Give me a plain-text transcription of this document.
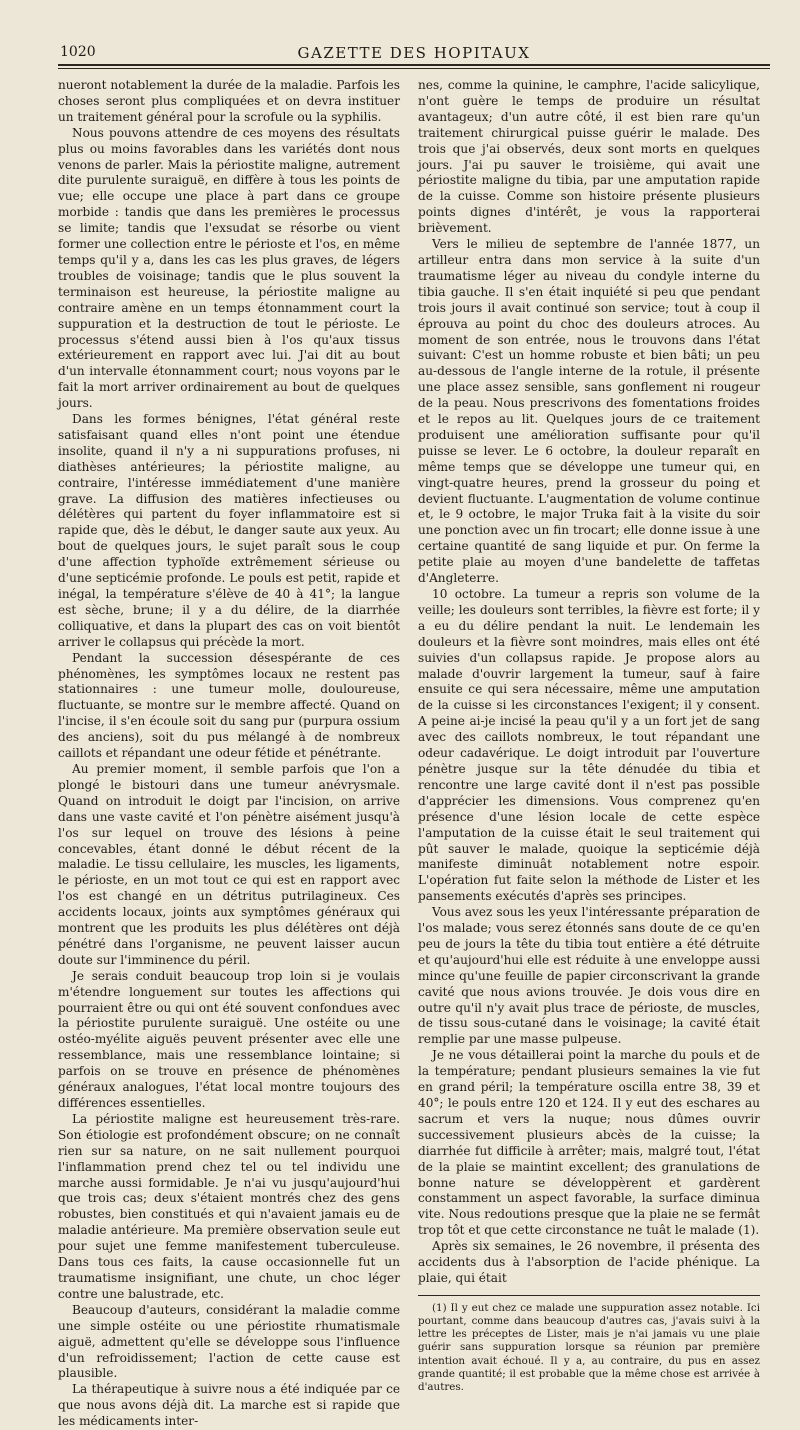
1020	GAZETTE DES HOPITAUX

nueront notablement la durée de la maladie. Parfois les choses seront plus compliquées et on devra instituer un traitement général pour la scrofule ou la syphilis.

Nous pouvons attendre de ces moyens des résultats plus ou moins favorables dans les variétés dont nous venons de parler. Mais la périostite maligne, autrement dite purulente suraiguë, en diffère à tous les points de vue; elle occupe une place à part dans ce groupe morbide : tandis que dans les premières le processus se limite; tandis que l'exsudat se résorbe ou vient former une collection entre le périoste et l'os, en même temps qu'il y a, dans les cas les plus graves, de légers troubles de voisinage; tandis que le plus souvent la terminaison est heureuse, la périostite maligne au contraire amène en un temps étonnamment court la suppuration et la destruction de tout le périoste. Le processus s'étend aussi bien à l'os qu'aux tissus extérieurement en rapport avec lui. J'ai dit au bout d'un intervalle étonnamment court; nous voyons par le fait la mort arriver ordinairement au bout de quelques jours.

Dans les formes bénignes, l'état général reste satisfaisant quand elles n'ont point une étendue insolite, quand il n'y a ni suppurations profuses, ni diathèses antérieures; la périostite maligne, au contraire, l'intéresse immédiatement d'une manière grave. La diffusion des matières infectieuses ou délétères qui partent du foyer inflammatoire est si rapide que, dès le début, le danger saute aux yeux. Au bout de quelques jours, le sujet paraît sous le coup d'une affection typhoïde extrêmement sérieuse ou d'une septicémie profonde. Le pouls est petit, rapide et inégal, la température s'élève de 40 à 41°; la langue est sèche, brune; il y a du délire, de la diarrhée colliquative, et dans la plupart des cas on voit bientôt arriver le collapsus qui précède la mort.

Pendant la succession désespérante de ces phénomènes, les symptômes locaux ne restent pas stationnaires : une tumeur molle, douloureuse, fluctuante, se montre sur le membre affecté. Quand on l'incise, il s'en écoule soit du sang pur (purpura ossium des anciens), soit du pus mélangé à de nombreux caillots et répandant une odeur fétide et pénétrante.

Au premier moment, il semble parfois que l'on a plongé le bistouri dans une tumeur anévrysmale. Quand on introduit le doigt par l'incision, on arrive dans une vaste cavité et l'on pénètre aisément jusqu'à l'os sur lequel on trouve des lésions à peine concevables, étant donné le début récent de la maladie. Le tissu cellulaire, les muscles, les ligaments, le périoste, en un mot tout ce qui est en rapport avec l'os est changé en un détritus putrilagineux. Ces accidents locaux, joints aux symptômes généraux qui montrent que les produits les plus délétères ont déjà pénétré dans l'organisme, ne peuvent laisser aucun doute sur l'imminence du péril.

Je serais conduit beaucoup trop loin si je voulais m'étendre longuement sur toutes les affections qui pourraient être ou qui ont été souvent confondues avec la périostite purulente suraiguë. Une ostéite ou une ostéo-myélite aiguës peuvent présenter avec elle une ressemblance, mais une ressemblance lointaine; si parfois on se trouve en présence de phénomènes généraux analogues, l'état local montre toujours des différences essentielles.

La périostite maligne est heureusement très-rare. Son étiologie est profondément obscure; on ne connaît rien sur sa nature, on ne sait nullement pourquoi l'inflammation prend chez tel ou tel individu une marche aussi formidable. Je n'ai vu jusqu'aujourd'hui que trois cas; deux s'étaient montrés chez des gens robustes, bien constitués et qui n'avaient jamais eu de maladie antérieure. Ma première observation seule eut pour sujet une femme manifestement tuberculeuse. Dans tous ces faits, la cause occasionnelle fut un traumatisme insignifiant, une chute, un choc léger contre une balustrade, etc.

Beaucoup d'auteurs, considérant la maladie comme une simple ostéite ou une périostite rhumatismale aiguë, admettent qu'elle se développe sous l'influence d'un refroidissement; l'action de cette cause est plausible.

La thérapeutique à suivre nous a été indiquée par ce que nous avons déjà dit. La marche est si rapide que les médicaments inter-

nes, comme la quinine, le camphre, l'acide salicylique, n'ont guère le temps de produire un résultat avantageux; d'un autre côté, il est bien rare qu'un traitement chirurgical puisse guérir le malade. Des trois que j'ai observés, deux sont morts en quelques jours. J'ai pu sauver le troisième, qui avait une périostite maligne du tibia, par une amputation rapide de la cuisse. Comme son histoire présente plusieurs points dignes d'intérêt, je vous la rapporterai brièvement.

Vers le milieu de septembre de l'année 1877, un artilleur entra dans mon service à la suite d'un traumatisme léger au niveau du condyle interne du tibia gauche. Il s'en était inquiété si peu que pendant trois jours il avait continué son service; tout à coup il éprouva au point du choc des douleurs atroces. Au moment de son entrée, nous le trouvons dans l'état suivant: C'est un homme robuste et bien bâti; un peu au-dessous de l'angle interne de la rotule, il présente une place assez sensible, sans gonflement ni rougeur de la peau. Nous prescrivons des fomentations froides et le repos au lit. Quelques jours de ce traitement produisent une amélioration suffisante pour qu'il puisse se lever. Le 6 octobre, la douleur reparaît en même temps que se développe une tumeur qui, en vingt-quatre heures, prend la grosseur du poing et devient fluctuante. L'augmentation de volume continue et, le 9 octobre, le major Truka fait à la visite du soir une ponction avec un fin trocart; elle donne issue à une certaine quantité de sang liquide et pur. On ferme la petite plaie au moyen d'une bandelette de taffetas d'Angleterre.

10 octobre. La tumeur a repris son volume de la veille; les douleurs sont terribles, la fièvre est forte; il y a eu du délire pendant la nuit. Le lendemain les douleurs et la fièvre sont moindres, mais elles ont été suivies d'un collapsus rapide. Je propose alors au malade d'ouvrir largement la tumeur, sauf à faire ensuite ce qui sera nécessaire, même une amputation de la cuisse si les circonstances l'exigent; il y consent. A peine ai-je incisé la peau qu'il y a un fort jet de sang avec des caillots nombreux, le tout répandant une odeur cadavérique. Le doigt introduit par l'ouverture pénètre jusque sur la tête dénudée du tibia et rencontre une large cavité dont il n'est pas possible d'apprécier les dimensions. Vous comprenez qu'en présence d'une lésion locale de cette espèce l'amputation de la cuisse était le seul traitement qui pût sauver le malade, quoique la septicémie déjà manifeste diminuât notablement notre espoir. L'opération fut faite selon la méthode de Lister et les pansements exécutés d'après ses principes.

Vous avez sous les yeux l'intéressante préparation de l'os malade; vous serez étonnés sans doute de ce qu'en peu de jours la tête du tibia tout entière a été détruite et qu'aujourd'hui elle est réduite à une enveloppe aussi mince qu'une feuille de papier circonscrivant la grande cavité que nous avions trouvée. Je dois vous dire en outre qu'il n'y avait plus trace de périoste, de muscles, de tissu sous-cutané dans le voisinage; la cavité était remplie par une masse pulpeuse.

Je ne vous détaillerai point la marche du pouls et de la température; pendant plusieurs semaines la vie fut en grand péril; la température oscilla entre 38, 39 et 40°; le pouls entre 120 et 124. Il y eut des eschares au sacrum et vers la nuque; nous dûmes ouvrir successivement plusieurs abcès de la cuisse; la diarrhée fut difficile à arrêter; mais, malgré tout, l'état de la plaie se maintint excellent; des granulations de bonne nature se développèrent et gardèrent constamment un aspect favorable, la surface diminua vite. Nous redoutions presque que la plaie ne se fermât trop tôt et que cette circonstance ne tuât le malade (1).

Après six semaines, le 26 novembre, il présenta des accidents dus à l'absorption de l'acide phénique. La plaie, qui était

(1) Il y eut chez ce malade une suppuration assez notable. Ici pourtant, comme dans beaucoup d'autres cas, j'avais suivi à la lettre les préceptes de Lister, mais je n'ai jamais vu une plaie guérir sans suppuration lorsque sa réunion par première intention avait échoué. Il y a, au contraire, du pus en assez grande quantité; il est probable que la même chose est arrivée à d'autres.
